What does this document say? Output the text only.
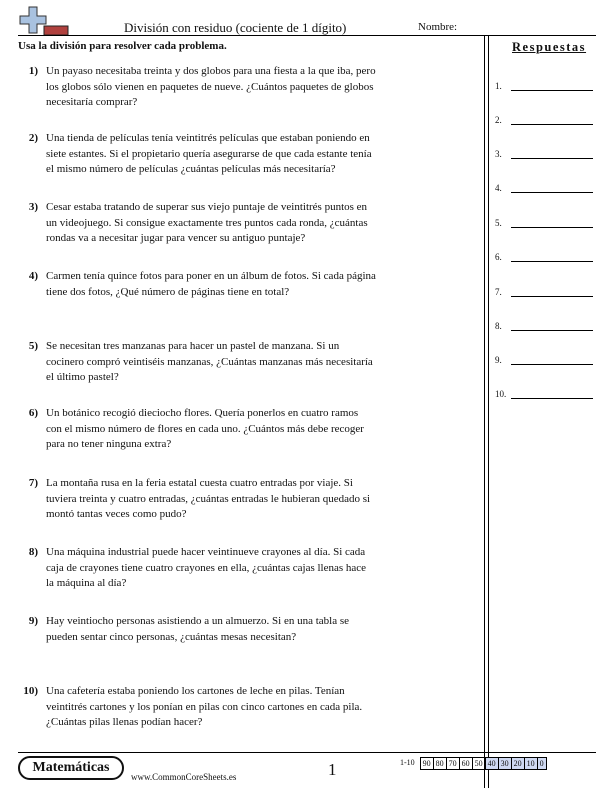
División con residuo (cociente de 1 dígito)	Nombre:
Usa la división para resolver cada problema.	Respuestas
1) Un payaso necesitaba treinta y dos globos para una fiesta a la que iba, pero los globos sólo vienen en paquetes de nueve. ¿Cuántos paquetes de globos necesitaría comprar?
2) Una tienda de películas tenía veintitrés películas que estaban poniendo en siete estantes. Si el propietario quería asegurarse de que cada estante tenía el mismo número de películas ¿cuántas películas más necesitaría?
3) Cesar estaba tratando de superar sus viejo puntaje de veintitrés puntos en un videojuego. Si consigue exactamente tres puntos cada ronda, ¿cuántas rondas va a necesitar jugar para vencer su antiguo puntaje?
4) Carmen tenía quince fotos para poner en un álbum de fotos. Si cada página tiene dos fotos, ¿Qué número de páginas tiene en total?
5) Se necesitan tres manzanas para hacer un pastel de manzana. Si un cocinero compró veintiséis manzanas, ¿Cuántas manzanas más necesitaría el último pastel?
6) Un botánico recogió dieciocho flores. Quería ponerlos en cuatro ramos con el mismo número de flores en cada uno. ¿Cuántos más debe recoger para no tener ninguna extra?
7) La montaña rusa en la feria estatal cuesta cuatro entradas por viaje. Si tuviera treinta y cuatro entradas, ¿cuántas entradas le hubieran quedado si montó tantas veces como pudo?
8) Una máquina industrial puede hacer veintinueve crayones al día. Si cada caja de crayones tiene cuatro crayones en ella, ¿cuántas cajas llenas hace la máquina al día?
9) Hay veintiocho personas asistiendo a un almuerzo. Si en una tabla se pueden sentar cinco personas, ¿cuántas mesas necesitan?
10) Una cafetería estaba poniendo los cartones de leche en pilas. Tenían veintitrés cartones y los ponían en pilas con cinco cartones en cada pila. ¿Cuántas pilas llenas podían hacer?
1.
2.
3.
4.
5.
6.
7.
8.
9.
10.
Matemáticas
www.CommonCoreSheets.es	1	1-10	90 80 70 60 50 40 30 20 10 0
